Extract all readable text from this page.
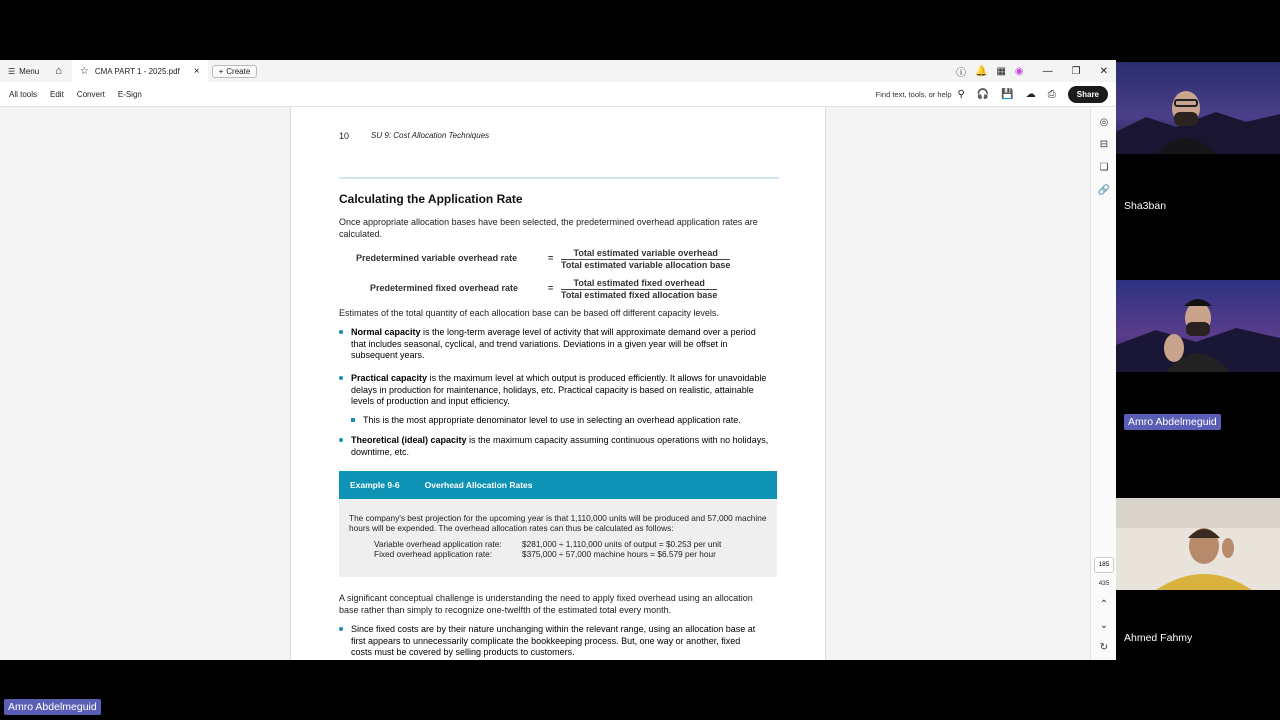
☰ Menu ⌂ ☆ CMA PART 1 - 2025.pdf × + Create	ⓘ 🔔 ▦ ◉ — ❐ ✕
All tools Edit Convert E-Sign	Find text, tools, or help ⚲ 🎧 💾 ☁ ⎙	Share
10	SU 9: Cost Allocation Techniques
Calculating the Application Rate
Once appropriate allocation bases have been selected, the predetermined overhead application rates are calculated.
Predetermined variable overhead rate	=	Total estimated variable overhead
Total estimated variable allocation base
Predetermined fixed overhead rate	=	Total estimated fixed overhead
Total estimated fixed allocation base
Estimates of the total quantity of each allocation base can be based off different capacity levels.
Normal capacity is the long-term average level of activity that will approximate demand over a period that includes seasonal, cyclical, and trend variations. Deviations in a given year will be offset in subsequent years.
Practical capacity is the maximum level at which output is produced efficiently. It allows for unavoidable delays in production for maintenance, holidays, etc. Practical capacity is based on realistic, attainable levels of production and input efficiency.
This is the most appropriate denominator level to use in selecting an overhead application rate.
Theoretical (ideal) capacity is the maximum capacity assuming continuous operations with no holidays, downtime, etc.
Example 9-6	Overhead Allocation Rates
The company's best projection for the upcoming year is that 1,110,000 units will be produced and 57,000 machine hours will be expended. The overhead allocation rates can thus be calculated as follows:
Variable overhead application rate: $281,000 ÷ 1,110,000 units of output = $0.253 per unit
Fixed overhead application rate:	$375,000 ÷ 57,000 machine hours = $6.579 per hour
A significant conceptual challenge is understanding the need to apply fixed overhead using an allocation base rather than simply to recognize one-twelfth of the estimated total every month.
Since fixed costs are by their nature unchanging within the relevant range, using an allocation base at first appears to unnecessarily complicate the bookkeeping process. But, one way or another, fixed costs must be covered by selling products to customers.
◎
⊟
❏
🔗
185
435
⌃
⌄
↻
Sha3ban
Amro Abdelmeguid
Ahmed Fahmy
Amro Abdelmeguid
